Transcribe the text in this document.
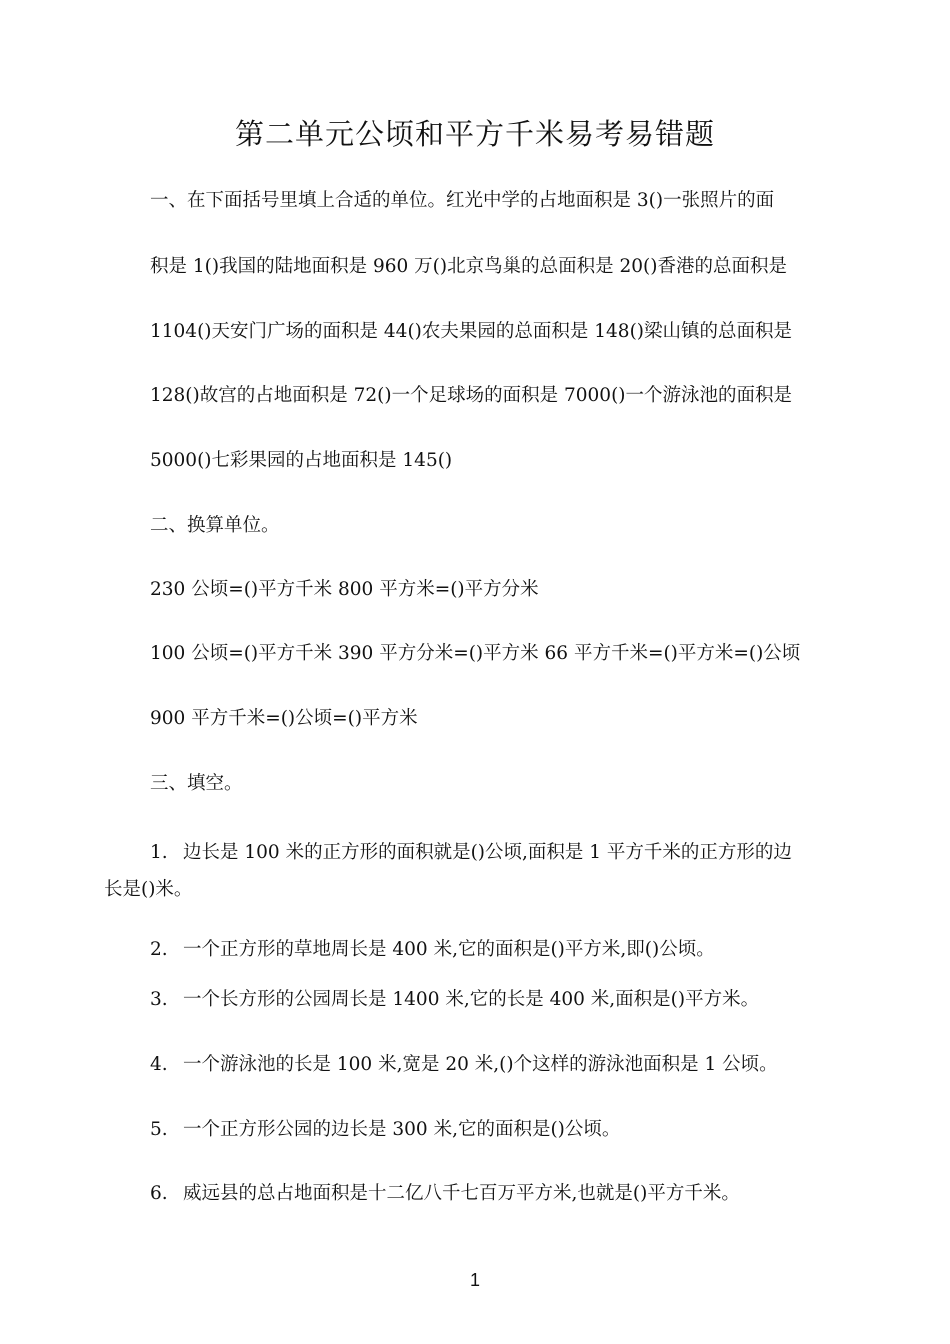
第二单元公顷和平方千米易考易错题
一、在下面括号里填上合适的单位。红光中学的占地面积是 3()一张照片的面
积是 1()我国的陆地面积是 960 万()北京鸟巢的总面积是 20()香港的总面积是
1104()天安门广场的面积是 44()农夫果园的总面积是 148()梁山镇的总面积是
128()故宫的占地面积是 72()一个足球场的面积是 7000()一个游泳池的面积是
5000()七彩果园的占地面积是 145()
二、换算单位。
230 公顷=()平方千米 800 平方米=()平方分米
100 公顷=()平方千米 390 平方分米=()平方米 66 平方千米=()平方米=()公顷
900 平方千米=()公顷=()平方米
三、填空。
1. 边长是 100 米的正方形的面积就是()公顷,面积是 1 平方千米的正方形的边
长是()米。
2. 一个正方形的草地周长是 400 米,它的面积是()平方米,即()公顷。
3. 一个长方形的公园周长是 1400 米,它的长是 400 米,面积是()平方米。
4. 一个游泳池的长是 100 米,宽是 20 米,()个这样的游泳池面积是 1 公顷。
5. 一个正方形公园的边长是 300 米,它的面积是()公顷。
6. 威远县的总占地面积是十二亿八千七百万平方米,也就是()平方千米。
1
